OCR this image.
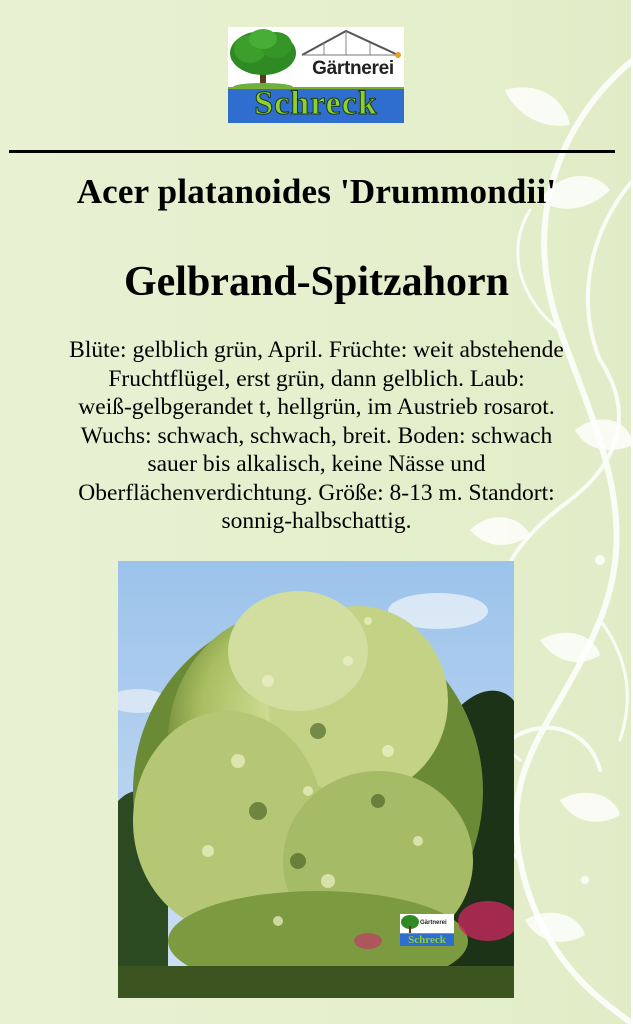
Gärtnerei
Schreck
Acer platanoides 'Drummondii'
Gelbrand-Spitzahorn
Blüte: gelblich grün, April. Früchte: weit abstehende
Fruchtflügel, erst grün, dann gelblich. Laub:
weiß-gelbgerandet t, hellgrün, im Austrieb rosarot.
Wuchs: schwach, schwach, breit. Boden: schwach
sauer bis alkalisch, keine Nässe und
Oberflächenverdichtung. Größe: 8-13 m. Standort:
sonnig-halbschattig.
Gärtnerei
Schreck
